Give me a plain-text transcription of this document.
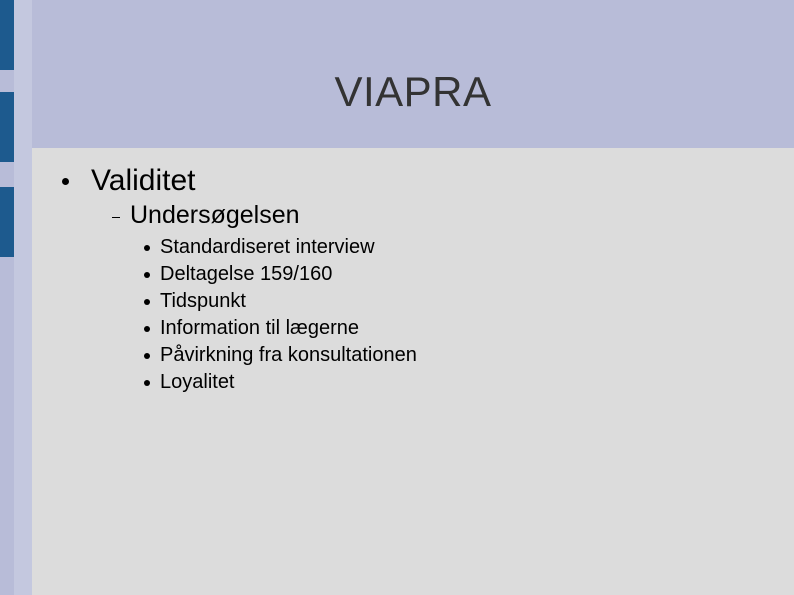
VIAPRA
Validitet
Undersøgelsen
Standardiseret interview
Deltagelse 159/160
Tidspunkt
Information til lægerne
Påvirkning fra konsultationen
Loyalitet
